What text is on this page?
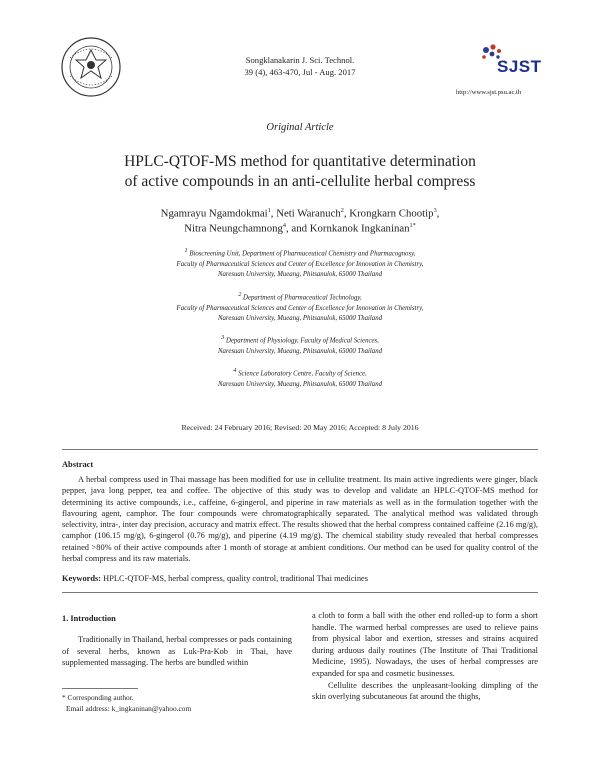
Songklanakarin J. Sci. Technol.
39 (4), 463-470, Jul - Aug. 2017	SJST
http://www.sjst.psu.ac.th
Original Article
HPLC-QTOF-MS method for quantitative determination
of active compounds in an anti-cellulite herbal compress
Ngamrayu Ngamdokmai$^1$, Neti Waranuch$^2$, Krongkarn Chootip$^3$,
Nitra Neungchamnong$^4$, and Kornkanok Ingkaninan$^{1*}$
$^1$ Bioscreening Unit, Department of Pharmaceutical Chemistry and Pharmacognosy,
Faculty of Pharmaceutical Sciences and Center of Excellence for Innovation in Chemistry,
Naresuan University, Mueang, Phitsanulok, 65000 Thailand
$^2$ Department of Pharmaceutical Technology,
Faculty of Pharmaceutical Sciences and Center of Excellence for Innovation in Chemistry,
Naresuan University, Mueang, Phitsanulok, 65000 Thailand
$^3$ Department of Physiology, Faculty of Medical Sciences,
Naresuan University, Mueang, Phitsanulok, 65000 Thailand
$^4$ Science Laboratory Centre, Faculty of Science,
Naresuan University, Mueang, Phitsanulok, 65000 Thailand
Received: 24 February 2016; Revised: 20 May 2016; Accepted: 8 July 2016
Abstract
A herbal compress used in Thai massage has been modified for use in cellulite treatment. Its main active ingredients were ginger, black pepper, java long pepper, tea and coffee. The objective of this study was to develop and validate an HPLC-QTOF-MS method for determining its active compounds, i.e., caffeine, 6-gingerol, and piperine in raw materials as well as in the formulation together with the flavouring agent, camphor. The four compounds were chromatographically separated. The analytical method was validated through selectivity, intra-, inter day precision, accuracy and matrix effect. The results showed that the herbal compress contained caffeine (2.16 mg/g), camphor (106.15 mg/g), 6-gingerol (0.76 mg/g), and piperine (4.19 mg/g). The chemical stability study revealed that herbal compresses retained >80% of their active compounds after 1 month of storage at ambient conditions. Our method can be used for quality control of the herbal compress and its raw materials.
Keywords: HPLC-QTOF-MS, herbal compress, quality control, traditional Thai medicines
1. Introduction

Traditionally in Thailand, herbal compresses or pads containing of several herbs, known as Luk-Pra-Kob in Thai, have supplemented massaging. The herbs are bundled within

a cloth to form a ball with the other end rolled-up to form a short handle. The warmed herbal compresses are used to relieve pains from physical labor and exertion, stresses and strains acquired during arduous daily routines (The Institute of Thai Traditional Medicine, 1995). Nowadays, the uses of herbal compresses are expanded for spa and cosmetic businesses.

Cellulite describes the unpleasant-looking dimpling of the skin overlying subcutaneous fat around the thighs,

* Corresponding author.
Email address: k_ingkaninan@yahoo.com
